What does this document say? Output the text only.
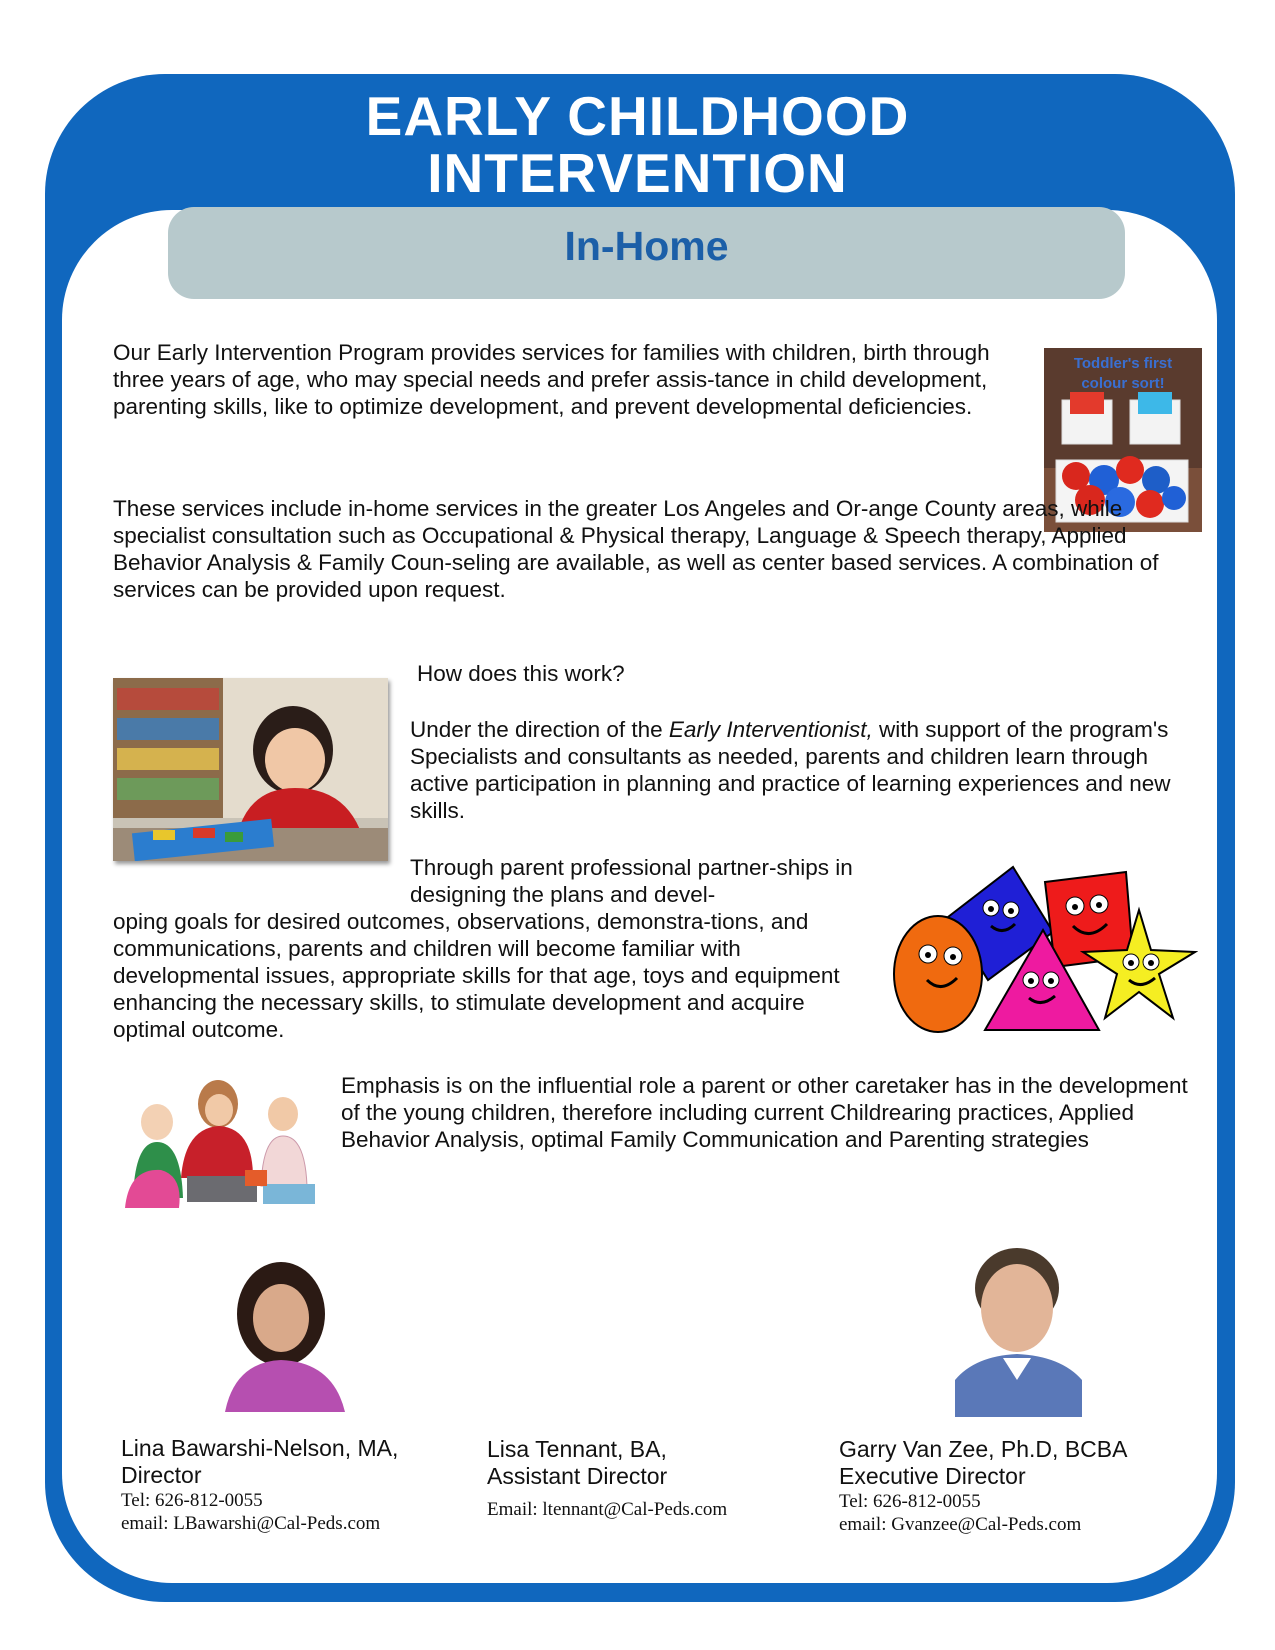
EARLY CHILDHOOD
INTERVENTION
In-Home

Our Early Intervention Program provides services for families with children, birth through three years of age, who may special needs and prefer assis-tance in child development, parenting skills, like to optimize development, and prevent developmental deficiencies.

Toddler's first
colour sort!

These services include in-home services in the greater Los Angeles and Or-ange County areas, while specialist consultation such as Occupational & Physical therapy, Language & Speech therapy, Applied Behavior Analysis & Family Coun-seling are available, as well as center based services. A combination of services can be provided upon request.

How does this work?

Under the direction of the Early Interventionist, with support of the program's Specialists and consultants as needed, parents and children learn through active participation in planning and practice of learning experiences and new skills.

Through parent professional partner-ships in designing the plans and devel-

oping goals for desired outcomes, observations, demonstra-tions, and communications, parents and children will become familiar with developmental issues, appropriate skills for that age, toys and equipment enhancing the necessary skills, to stimulate development and acquire optimal outcome.

Emphasis is on the influential role a parent or other caretaker has in the development of the young children, therefore including current Childrearing practices, Applied Behavior Analysis, optimal Family Communication and Parenting strategies

Lina Bawarshi-Nelson, MA,

Director

Tel: 626-812-0055

email: LBawarshi@Cal-Peds.com

Lisa Tennant, BA,

Assistant Director

Email: ltennant@Cal-Peds.com

Garry Van Zee, Ph.D, BCBA

Executive Director

Tel: 626-812-0055

email: Gvanzee@Cal-Peds.com
